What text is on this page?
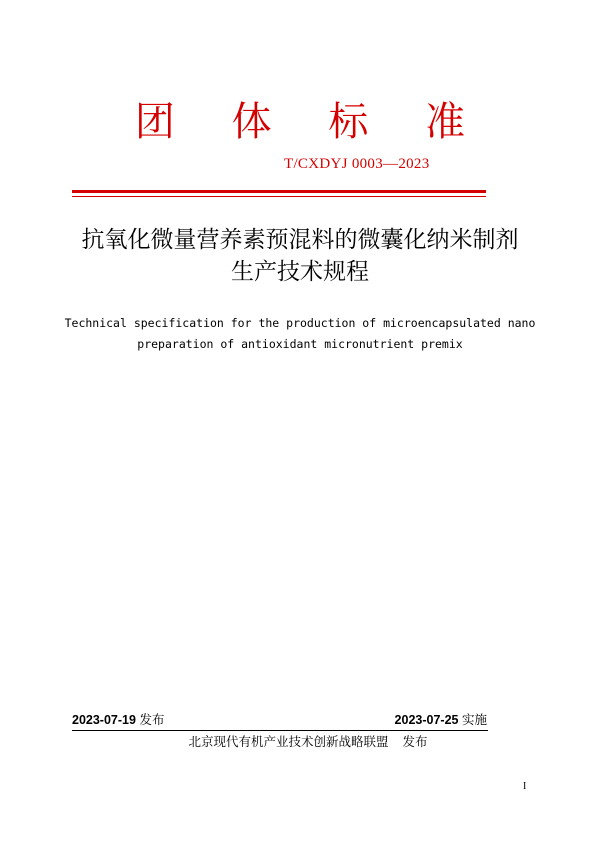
团 体 标 准
T/CXDYJ 0003—2023
抗氧化微量营养素预混料的微囊化纳米制剂
生产技术规程
Technical specification for the production of microencapsulated nano
preparation of antioxidant micronutrient premix
2023-07-19 发布	2023-07-25 实施
北京现代有机产业技术创新战略联盟 发布
I
